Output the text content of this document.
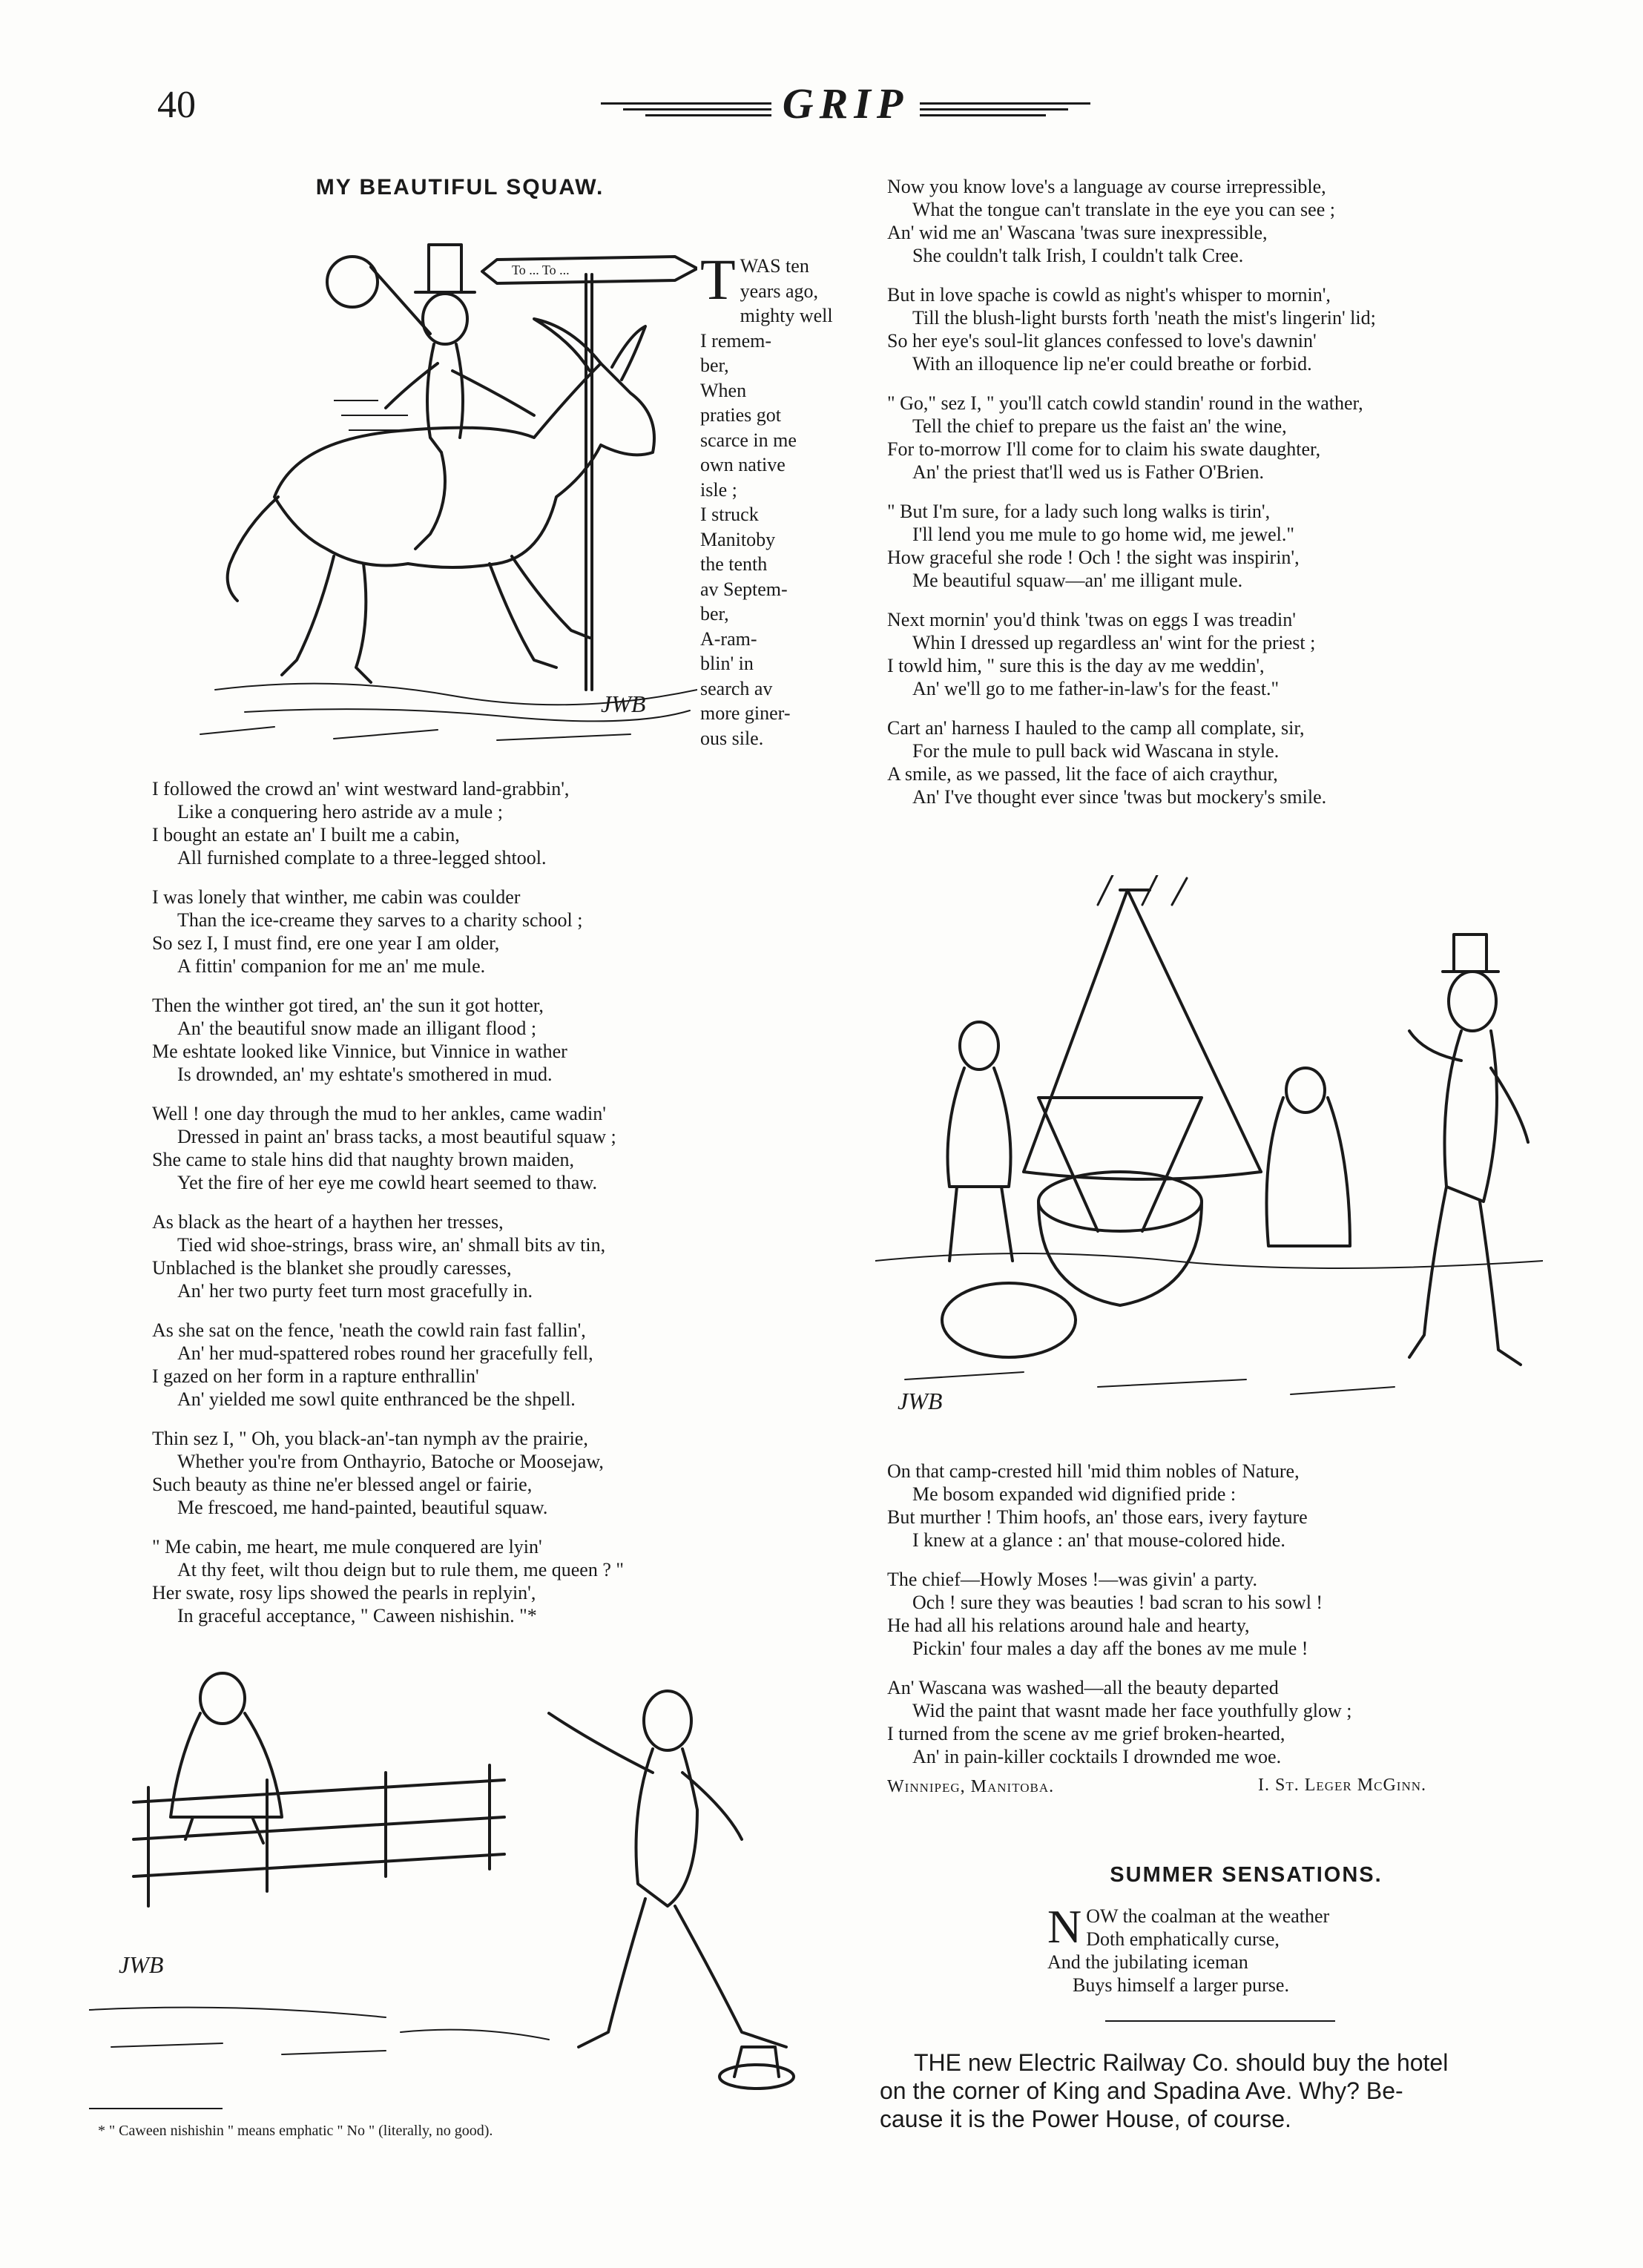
40	GRIP
MY BEAUTIFUL SQUAW.
To ... To ...
JWB
TWAS ten
years ago,
mighty well
I remem-
ber,
When
praties got
scarce in me
own native
isle ;
I struck
Manitoby
the tenth
av Septem-
ber,
A-ram-
blin' in
search av
more giner-
ous sile.
I followed the crowd an' wint westward land-grabbin',
Like a conquering hero astride av a mule ;
I bought an estate an' I built me a cabin,
All furnished complate to a three-legged shtool.
I was lonely that winther, me cabin was coulder
Than the ice-creame they sarves to a charity school ;
So sez I, I must find, ere one year I am older,
A fittin' companion for me an' me mule.
Then the winther got tired, an' the sun it got hotter,
An' the beautiful snow made an illigant flood ;
Me eshtate looked like Vinnice, but Vinnice in wather
Is drownded, an' my eshtate's smothered in mud.
Well ! one day through the mud to her ankles, came wadin'
Dressed in paint an' brass tacks, a most beautiful squaw ;
She came to stale hins did that naughty brown maiden,
Yet the fire of her eye me cowld heart seemed to thaw.
As black as the heart of a haythen her tresses,
Tied wid shoe-strings, brass wire, an' shmall bits av tin,
Unblached is the blanket she proudly caresses,
An' her two purty feet turn most gracefully in.
As she sat on the fence, 'neath the cowld rain fast fallin',
An' her mud-spattered robes round her gracefully fell,
I gazed on her form in a rapture enthrallin'
An' yielded me sowl quite enthranced be the shpell.
Thin sez I, " Oh, you black-an'-tan nymph av the prairie,
Whether you're from Onthayrio, Batoche or Moosejaw,
Such beauty as thine ne'er blessed angel or fairie,
Me frescoed, me hand-painted, beautiful squaw.
" Me cabin, me heart, me mule conquered are lyin'
At thy feet, wilt thou deign but to rule them, me queen ? "
Her swate, rosy lips showed the pearls in replyin',
In graceful acceptance, " Caween nishishin. "*
JWB
* " Caween nishishin " means emphatic " No " (literally, no good).
Now you know love's a language av course irrepressible,
What the tongue can't translate in the eye you can see ;
An' wid me an' Wascana 'twas sure inexpressible,
She couldn't talk Irish, I couldn't talk Cree.
But in love spache is cowld as night's whisper to mornin',
Till the blush-light bursts forth 'neath the mist's lingerin' lid;
So her eye's soul-lit glances confessed to love's dawnin'
With an illoquence lip ne'er could breathe or forbid.
" Go," sez I, " you'll catch cowld standin' round in the wather,
Tell the chief to prepare us the faist an' the wine,
For to-morrow I'll come for to claim his swate daughter,
An' the priest that'll wed us is Father O'Brien.
" But I'm sure, for a lady such long walks is tirin',
I'll lend you me mule to go home wid, me jewel."
How graceful she rode ! Och ! the sight was inspirin',
Me beautiful squaw—an' me illigant mule.
Next mornin' you'd think 'twas on eggs I was treadin'
Whin I dressed up regardless an' wint for the priest ;
I towld him, " sure this is the day av me weddin',
An' we'll go to me father-in-law's for the feast."
Cart an' harness I hauled to the camp all complate, sir,
For the mule to pull back wid Wascana in style.
A smile, as we passed, lit the face of aich craythur,
An' I've thought ever since 'twas but mockery's smile.
JWB
On that camp-crested hill 'mid thim nobles of Nature,
Me bosom expanded wid dignified pride :
But murther ! Thim hoofs, an' those ears, ivery fayture
I knew at a glance : an' that mouse-colored hide.
The chief—Howly Moses !—was givin' a party.
Och ! sure they was beauties ! bad scran to his sowl !
He had all his relations around hale and hearty,
Pickin' four males a day aff the bones av me mule !
An' Wascana was washed—all the beauty departed
Wid the paint that wasnt made her face youthfully glow ;
I turned from the scene av me grief broken-hearted,
An' in pain-killer cocktails I drownded me woe.
Winnipeg, Manitoba.	I. St. Leger McGinn.
SUMMER SENSATIONS.
NOW the coalman at the weather
Doth emphatically curse,
And the jubilating iceman
Buys himself a larger purse.
THE new Electric Railway Co. should buy the hotel
on the corner of King and Spadina Ave. Why? Be-
cause it is the Power House, of course.
